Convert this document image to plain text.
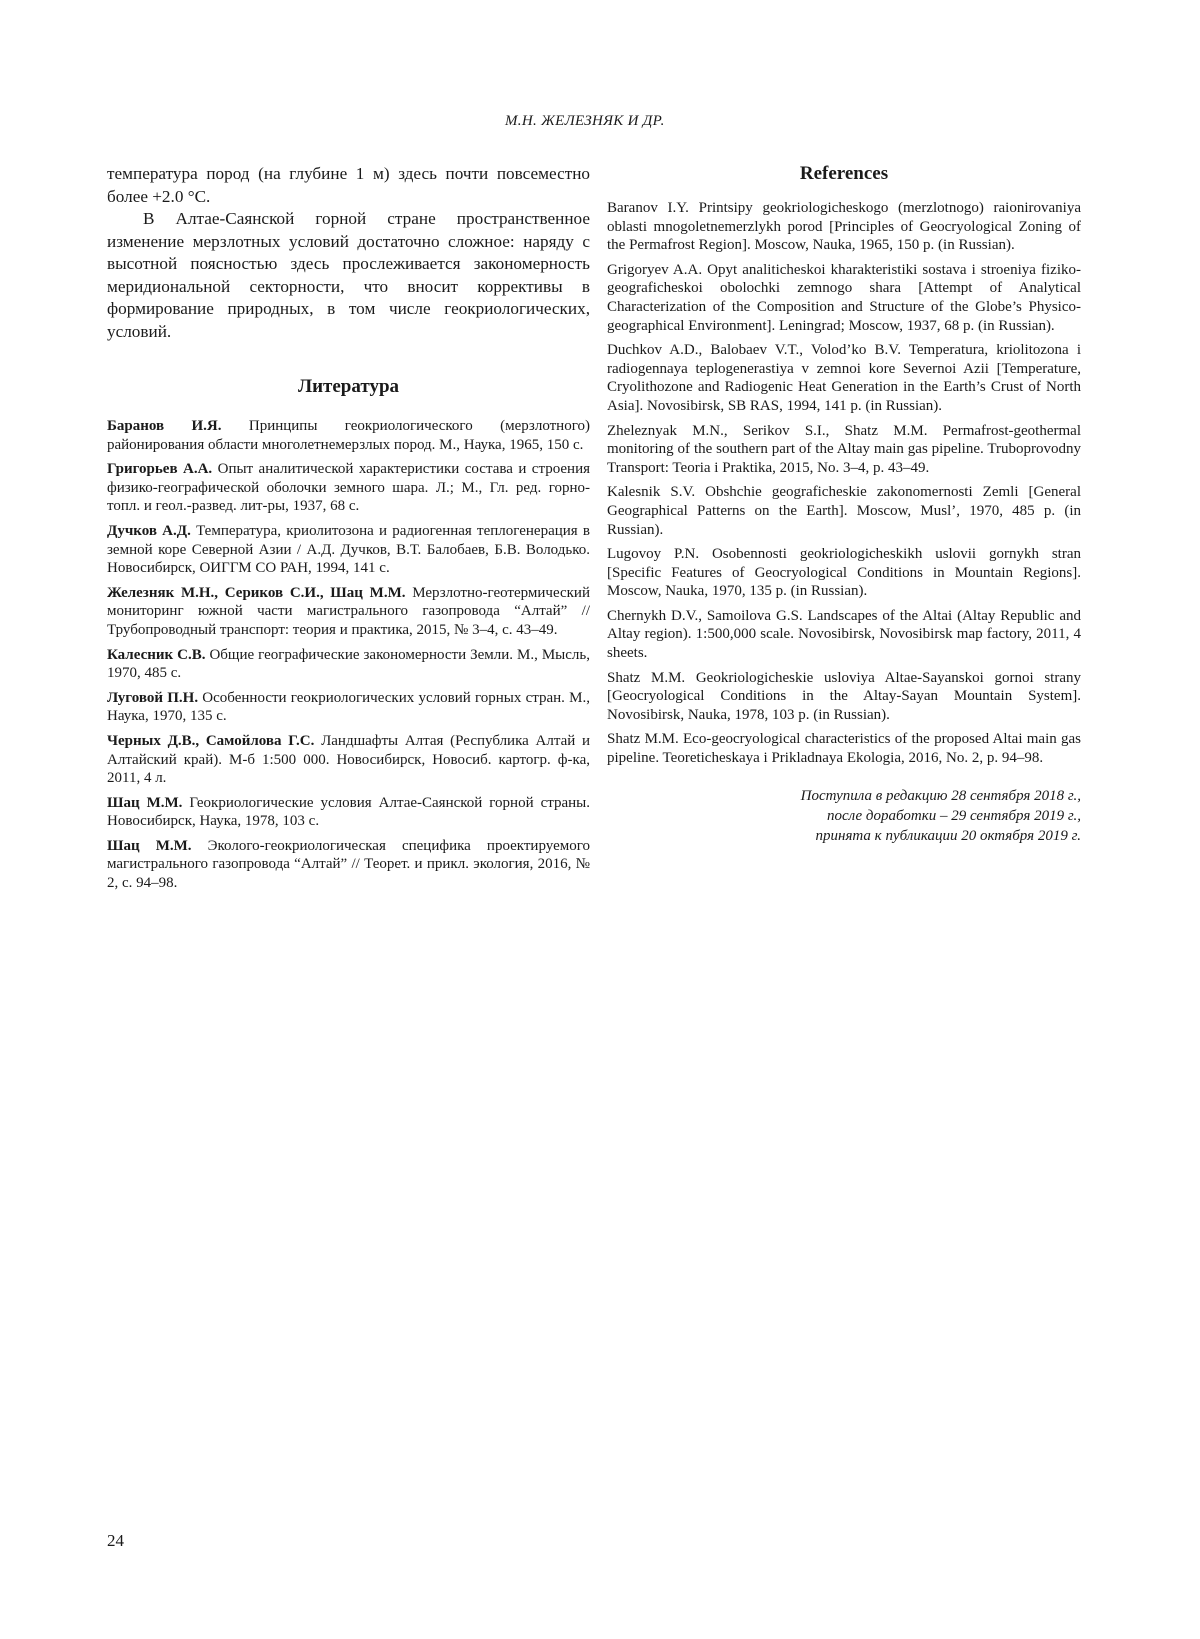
М.Н. ЖЕЛЕЗНЯК И ДР.

температура пород (на глубине 1 м) здесь почти повсеместно более +2.0 °С.

В Алтае-Саянской горной стране пространственное изменение мерзлотных условий достаточно сложное: наряду с высотной поясностью здесь прослеживается закономерность меридиональной секторности, что вносит коррективы в формирование природных, в том числе геокриологических, условий.

Литература
Баранов И.Я. Принципы геокриологического (мерзлотного) районирования области многолетнемерзлых пород. М., Наука, 1965, 150 с.
Григорьев А.А. Опыт аналитической характеристики состава и строения физико-географической оболочки земного шара. Л.; М., Гл. ред. горно-топл. и геол.-развед. лит-ры, 1937, 68 с.
Дучков А.Д. Температура, криолитозона и радиогенная теплогенерация в земной коре Северной Азии / А.Д. Дучков, В.Т. Балобаев, Б.В. Володько. Новосибирск, ОИГГМ СО РАН, 1994, 141 с.
Железняк М.Н., Сериков С.И., Шац М.М. Мерзлотно-геотермический мониторинг южной части магистрального газопровода “Алтай” // Трубопроводный транспорт: теория и практика, 2015, № 3–4, с. 43–49.
Калесник С.В. Общие географические закономерности Земли. М., Мысль, 1970, 485 с.
Луговой П.Н. Особенности геокриологических условий горных стран. М., Наука, 1970, 135 с.
Черных Д.В., Самойлова Г.С. Ландшафты Алтая (Республика Алтай и Алтайский край). М-б 1:500 000. Новосибирск, Новосиб. картогр. ф-ка, 2011, 4 л.
Шац М.М. Геокриологические условия Алтае-Саянской горной страны. Новосибирск, Наука, 1978, 103 с.
Шац М.М. Эколого-геокриологическая специфика проектируемого магистрального газопровода “Алтай” // Теорет. и прикл. экология, 2016, № 2, с. 94–98.
References
Baranov I.Y. Printsipy geokriologicheskogo (merzlotnogo) raionirovaniya oblasti mnogoletnemerzlykh porod [Principles of Geocryological Zoning of the Permafrost Region]. Moscow, Nauka, 1965, 150 p. (in Russian).
Grigoryev A.A. Opyt analiticheskoi kharakteristiki sostava i stroeniya fiziko-geograficheskoi obolochki zemnogo shara [Attempt of Analytical Characterization of the Composition and Structure of the Globe’s Physico-geographical Environment]. Leningrad; Moscow, 1937, 68 p. (in Russian).
Duchkov A.D., Balobaev V.T., Volod’ko B.V. Temperatura, kriolitozona i radiogennaya teplogenerastiya v zemnoi kore Severnoi Azii [Temperature, Cryolithozone and Radiogenic Heat Generation in the Earth’s Crust of North Asia]. Novosibirsk, SB RAS, 1994, 141 p. (in Russian).
Zheleznyak M.N., Serikov S.I., Shatz M.M. Permafrost-geothermal monitoring of the southern part of the Altay main gas pipeline. Truboprovodny Transport: Teoria i Praktika, 2015, No. 3–4, p. 43–49.
Kalesnik S.V. Obshchie geograficheskie zakonomernosti Zemli [General Geographical Patterns on the Earth]. Moscow, Musl’, 1970, 485 p. (in Russian).
Lugovoy P.N. Osobennosti geokriologicheskikh uslovii gornykh stran [Specific Features of Geocryological Conditions in Mountain Regions]. Moscow, Nauka, 1970, 135 p. (in Russian).
Chernykh D.V., Samoilova G.S. Landscapes of the Altai (Altay Republic and Altay region). 1:500,000 scale. Novosibirsk, Novosibirsk map factory, 2011, 4 sheets.
Shatz M.M. Geokriologicheskie usloviya Altae-Sayanskoi gornoi strany [Geocryological Conditions in the Altay-Sayan Mountain System]. Novosibirsk, Nauka, 1978, 103 p. (in Russian).
Shatz M.M. Eco-geocryological characteristics of the proposed Altai main gas pipeline. Teoreticheskaya i Prikladnaya Ekologia, 2016, No. 2, p. 94–98.
Поступила в редакцию 28 сентября 2018 г.,
после доработки – 29 сентября 2019 г.,
принята к публикации 20 октября 2019 г.
24
